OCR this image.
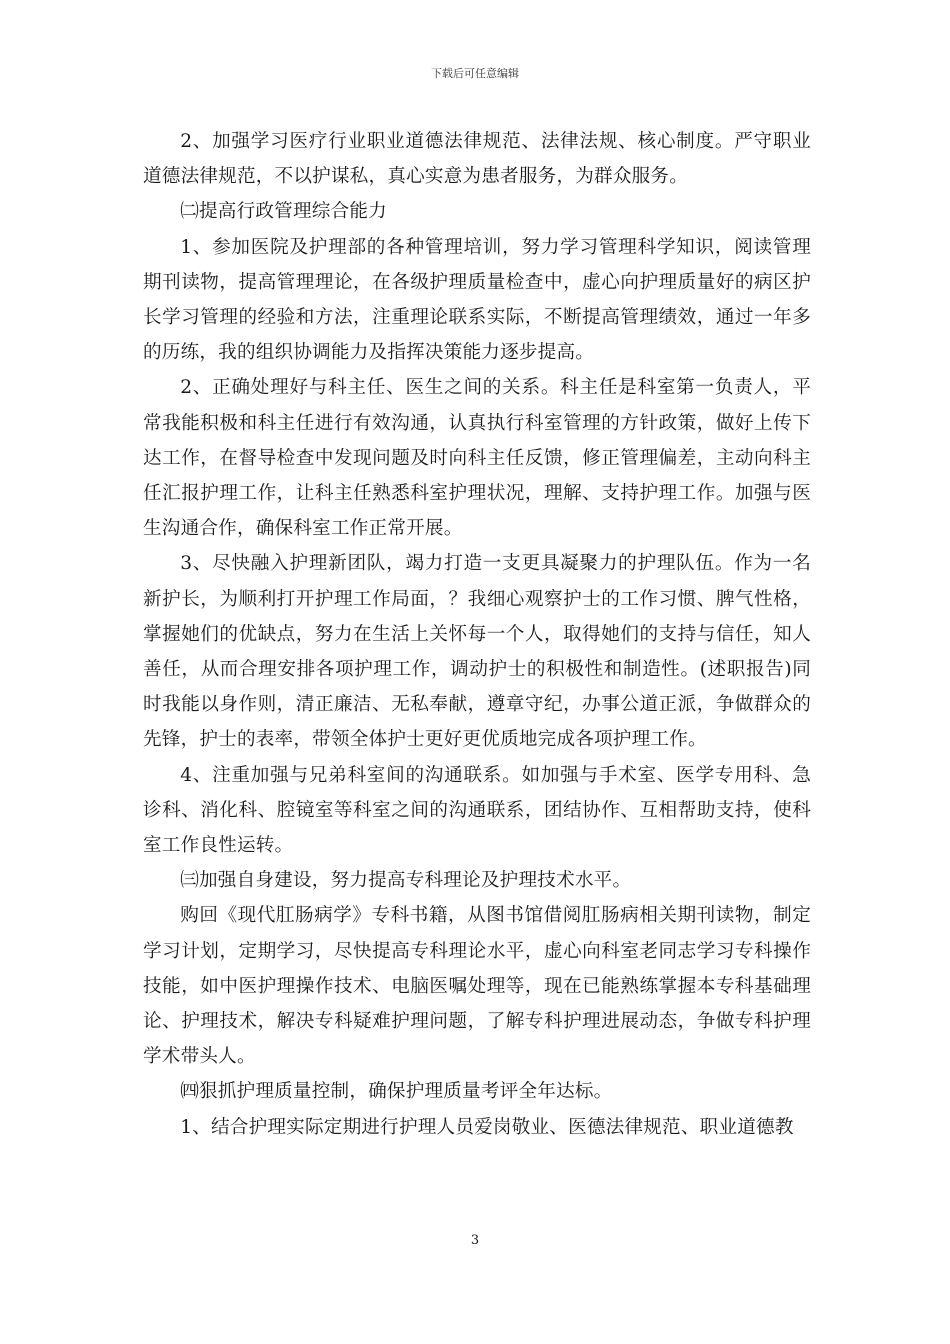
下载后可任意编辑

2、加强学习医疗行业职业道德法律规范、法律法规、核心制度。严守职业道德法律规范，不以护谋私，真心实意为患者服务，为群众服务。

㈡提高行政管理综合能力

1、参加医院及护理部的各种管理培训，努力学习管理科学知识，阅读管理期刊读物，提高管理理论，在各级护理质量检查中，虚心向护理质量好的病区护长学习管理的经验和方法，注重理论联系实际，不断提高管理绩效，通过一年多的历练，我的组织协调能力及指挥决策能力逐步提高。

2、正确处理好与科主任、医生之间的关系。科主任是科室第一负责人，平常我能积极和科主任进行有效沟通，认真执行科室管理的方针政策，做好上传下达工作，在督导检查中发现问题及时向科主任反馈，修正管理偏差，主动向科主任汇报护理工作，让科主任熟悉科室护理状况，理解、支持护理工作。加强与医生沟通合作，确保科室工作正常开展。

3、尽快融入护理新团队，竭力打造一支更具凝聚力的护理队伍。作为一名新护长，为顺利打开护理工作局面，？我细心观察护士的工作习惯、脾气性格，掌握她们的优缺点，努力在生活上关怀每一个人，取得她们的支持与信任，知人善任，从而合理安排各项护理工作，调动护士的积极性和制造性。(述职报告)同时我能以身作则，清正廉洁、无私奉献，遵章守纪，办事公道正派，争做群众的先锋，护士的表率，带领全体护士更好更优质地完成各项护理工作。

4、注重加强与兄弟科室间的沟通联系。如加强与手术室、医学专用科、急诊科、消化科、腔镜室等科室之间的沟通联系，团结协作、互相帮助支持，使科室工作良性运转。

㈢加强自身建设，努力提高专科理论及护理技术水平。

购回《现代肛肠病学》专科书籍，从图书馆借阅肛肠病相关期刊读物，制定学习计划，定期学习，尽快提高专科理论水平，虚心向科室老同志学习专科操作技能，如中医护理操作技术、电脑医嘱处理等，现在已能熟练掌握本专科基础理论、护理技术，解决专科疑难护理问题，了解专科护理进展动态，争做专科护理学术带头人。

㈣狠抓护理质量控制，确保护理质量考评全年达标。

1、结合护理实际定期进行护理人员爱岗敬业、医德法律规范、职业道德教

3
